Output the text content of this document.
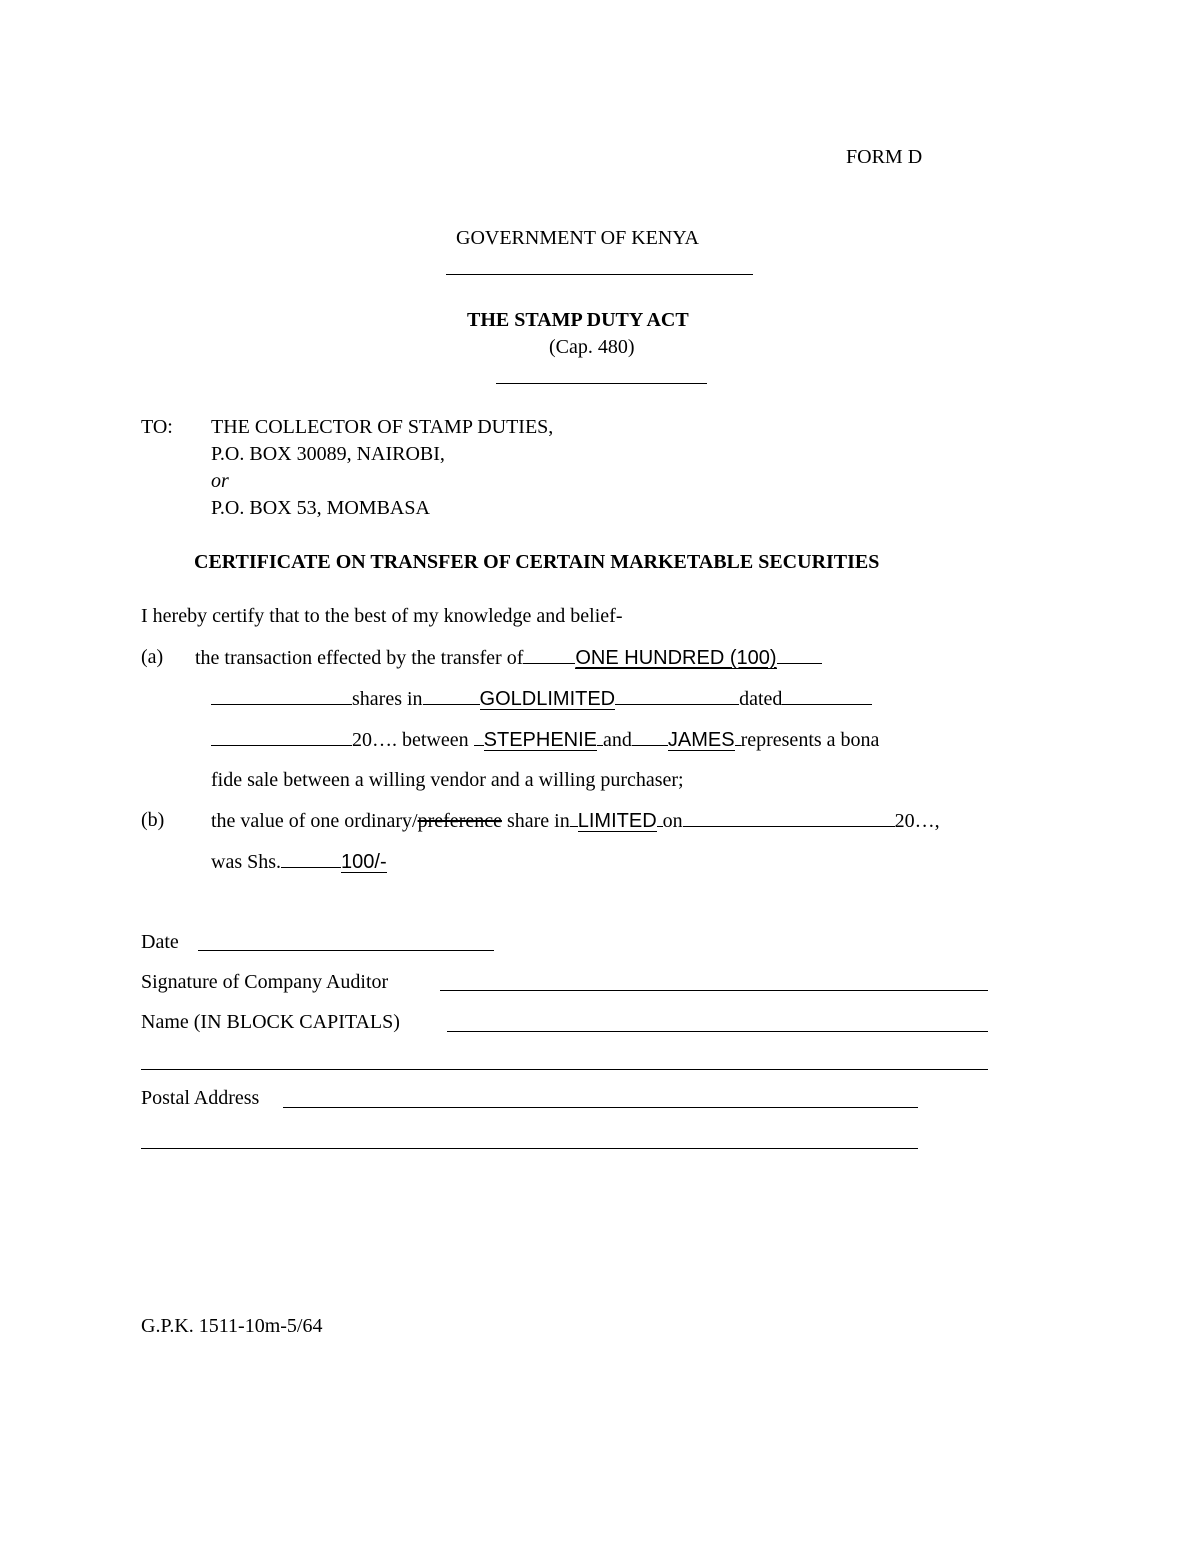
FORM D
GOVERNMENT OF KENYA
THE STAMP DUTY ACT
(Cap. 480)
TO: THE COLLECTOR OF STAMP DUTIES,
P.O. BOX 30089, NAIROBI,
or
P.O. BOX 53, MOMBASA
CERTIFICATE ON TRANSFER OF CERTAIN MARKETABLE SECURITIES
I hereby certify that to the best of my knowledge and belief-
(a) the transaction effected by the transfer of	ONE HUNDRED (100)
shares in	GOLDLIMITED	dated
20…. between STEPHENIE and JAMES represents a bona
fide sale between a willing vendor and a willing purchaser;
(b) the value of one ordinary/preference share in LIMITED on	20…,
was Shs.	100/-
Date
Signature of Company Auditor
Name (IN BLOCK CAPITALS)
Postal Address
G.P.K. 1511-10m-5/64
